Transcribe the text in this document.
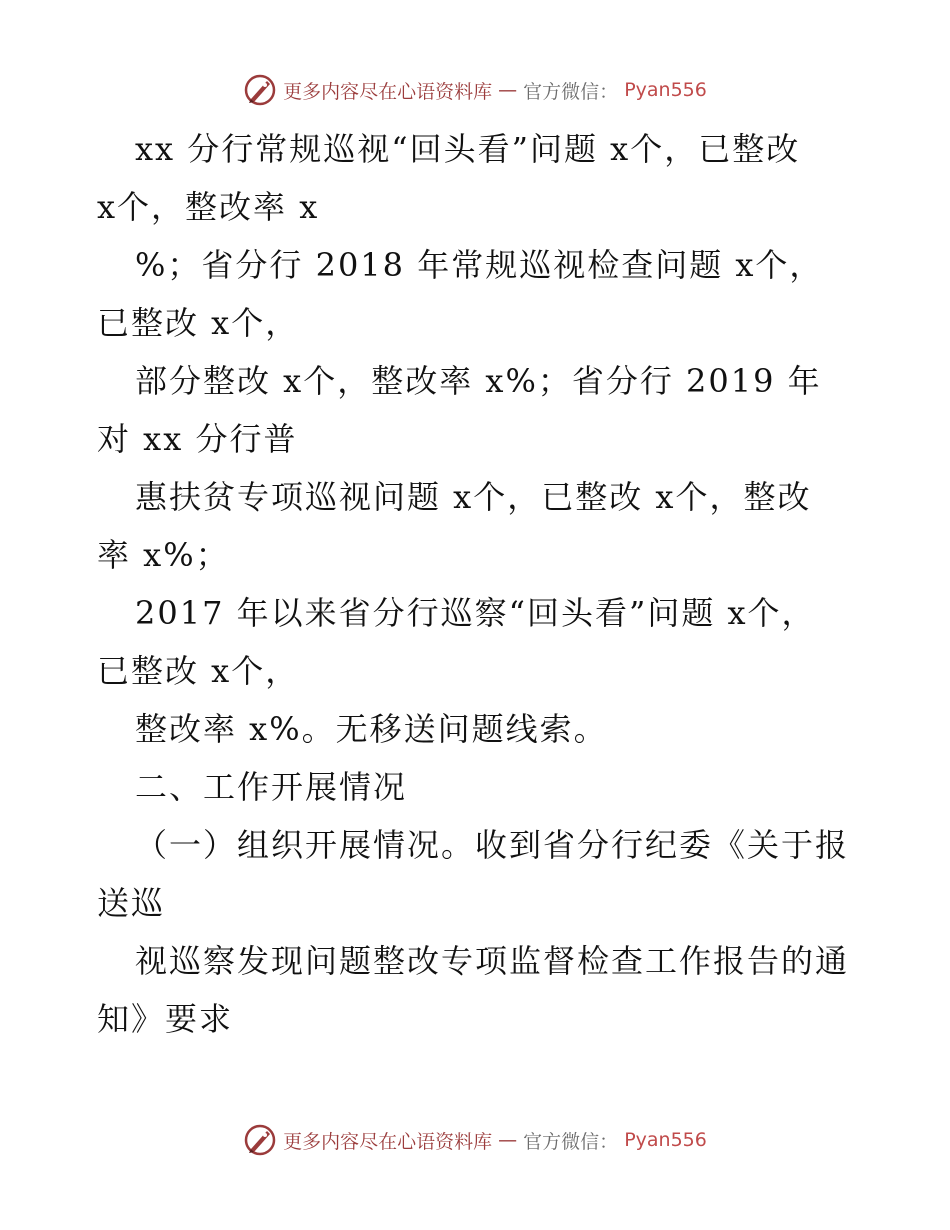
更多内容尽在心语资料库 — 官方微信： Pyan556
xx 分行常规巡视“回头看”问题 x个，已整改
x个，整改率 x
%；省分行 2018 年常规巡视检查问题 x个，
已整改 x个，
部分整改 x个，整改率 x%；省分行 2019 年
对 xx 分行普
惠扶贫专项巡视问题 x个，已整改 x个，整改
率 x%；
2017 年以来省分行巡察“回头看”问题 x个，
已整改 x个，
整改率 x%。无移送问题线索。
二、工作开展情况
（一）组织开展情况。收到省分行纪委《关于报
送巡
视巡察发现问题整改专项监督检查工作报告的通
知》要求
更多内容尽在心语资料库 — 官方微信： Pyan556
